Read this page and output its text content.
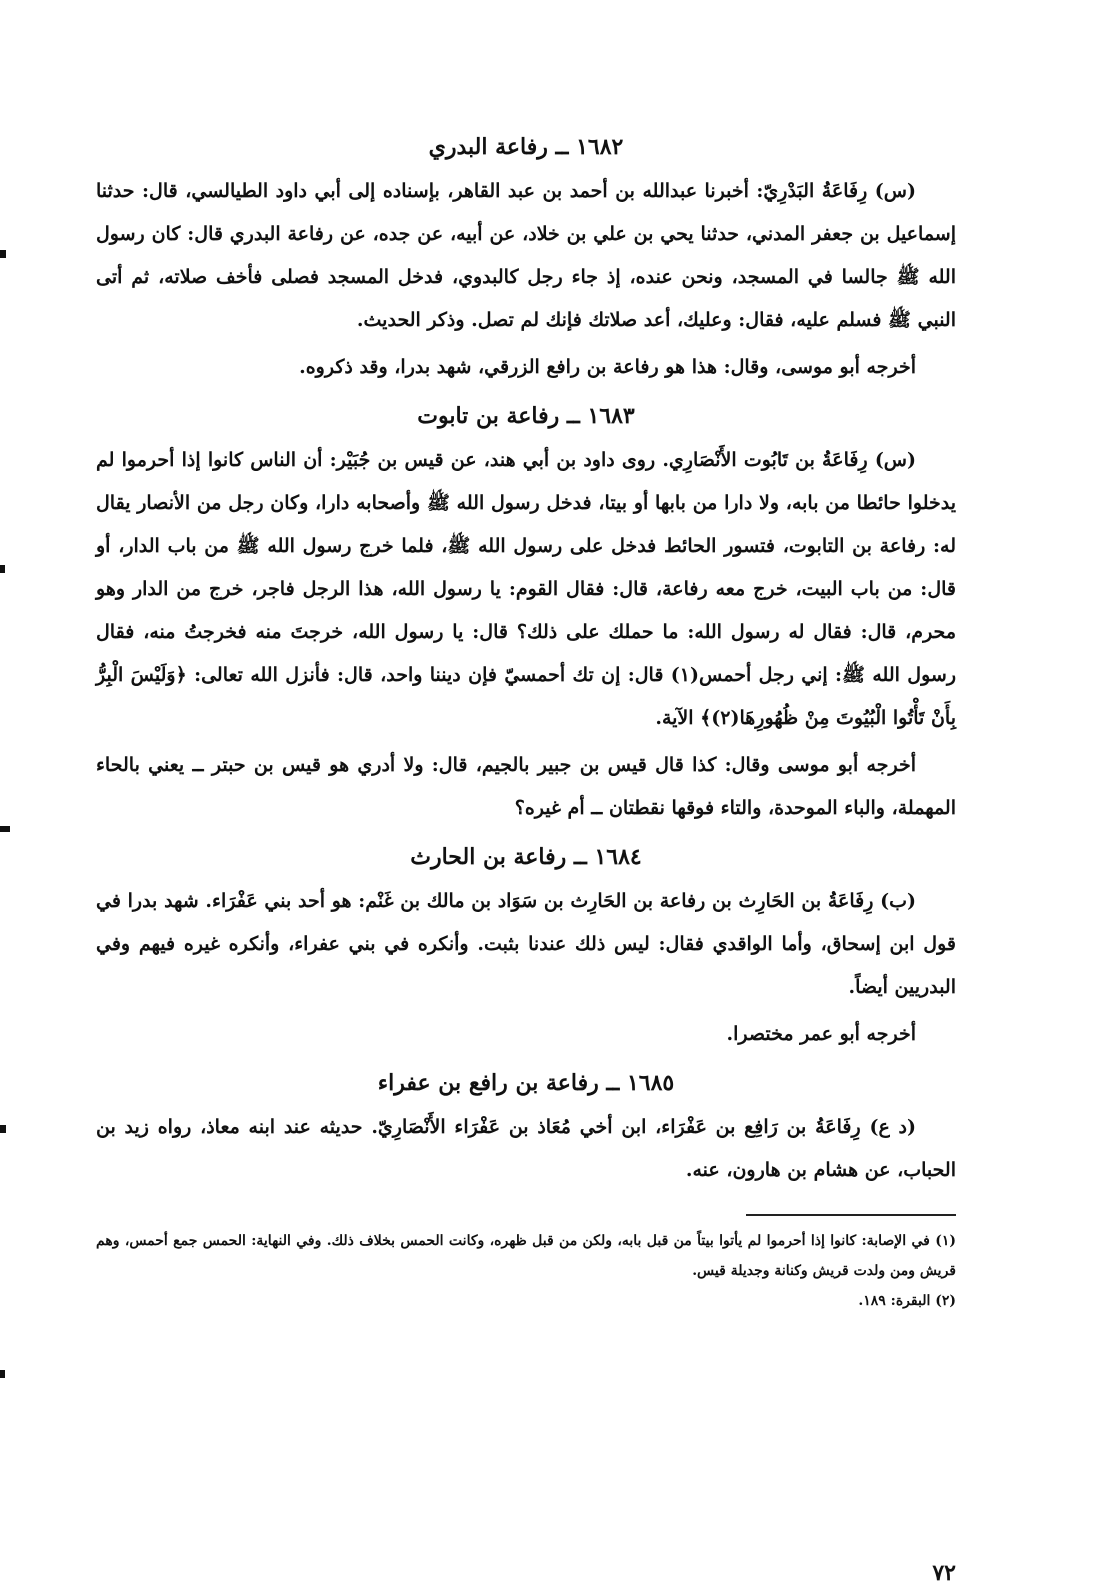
١٦٨٢ ــ رفاعة البدري

(س) رِفَاعَةُ البَدْرِيّ: أخبرنا عبدالله بن أحمد بن عبد القاهر، بإسناده إلى أبي داود الطيالسي، قال: حدثنا إسماعيل بن جعفر المدني، حدثنا يحي بن علي بن خلاد، عن أبيه، عن جده، عن رفاعة البدري قال: كان رسول الله ﷺ جالسا في المسجد، ونحن عنده، إذ جاء رجل كالبدوي، فدخل المسجد فصلى فأخف صلاته، ثم أتى النبي ﷺ فسلم عليه، فقال: وعليك، أعد صلاتك فإنك لم تصل. وذكر الحديث.

أخرجه أبو موسى، وقال: هذا هو رفاعة بن رافع الزرقي، شهد بدرا، وقد ذكروه.

١٦٨٣ ــ رفاعة بن تابوت

(س) رِفَاعَةُ بن تَابُوت الأَنْصَارِي. روى داود بن أبي هند، عن قيس بن جُبَيْر: أن الناس كانوا إذا أحرموا لم يدخلوا حائطا من بابه، ولا دارا من بابها أو بيتا، فدخل رسول الله ﷺ وأصحابه دارا، وكان رجل من الأنصار يقال له: رفاعة بن التابوت، فتسور الحائط فدخل على رسول الله ﷺ، فلما خرج رسول الله ﷺ من باب الدار، أو قال: من باب البيت، خرج معه رفاعة، قال: فقال القوم: يا رسول الله، هذا الرجل فاجر، خرج من الدار وهو محرم، قال: فقال له رسول الله: ما حملك على ذلك؟ قال: يا رسول الله، خرجتَ منه فخرجتُ منه، فقال رسول الله ﷺ: إني رجل أحمس(١) قال: إن تك أحمسيّ فإن ديننا واحد، قال: فأنزل الله تعالى: ﴿وَلَيْسَ الْبِرُّ بِأَنْ تَأْتُوا الْبُيُوتَ مِنْ ظُهُورِهَا(٢)﴾ الآية.

أخرجه أبو موسى وقال: كذا قال قيس بن جبير بالجيم، قال: ولا أدري هو قيس بن حبتر ــ يعني بالحاء المهملة، والباء الموحدة، والتاء فوقها نقطتان ــ أم غيره؟

١٦٨٤ ــ رفاعة بن الحارث

(ب) رِفَاعَةُ بن الحَارِث بن رفاعة بن الحَارِث بن سَوَاد بن مالك بن غَنْم: هو أحد بني عَفْرَاء. شهد بدرا في قول ابن إسحاق، وأما الواقدي فقال: ليس ذلك عندنا بثبت. وأنكره في بني عفراء، وأنكره غيره فيهم وفي البدريين أيضاً.

أخرجه أبو عمر مختصرا.

١٦٨٥ ــ رفاعة بن رافع بن عفراء

(د ع) رِفَاعَةُ بن رَافِع بن عَفْرَاء، ابن أخي مُعَاذ بن عَفْرَاء الأَنْصَارِيّ. حديثه عند ابنه معاذ، رواه زيد بن الحباب، عن هشام بن هارون، عنه.

(١) في الإصابة: كانوا إذا أحرموا لم يأتوا بيتاً من قبل بابه، ولكن من قبل ظهره، وكانت الحمس بخلاف ذلك. وفي النهاية: الحمس جمع أحمس، وهم قريش ومن ولدت قريش وكنانة وجديلة قيس.

(٢) البقرة: ١٨٩.

٧٢
